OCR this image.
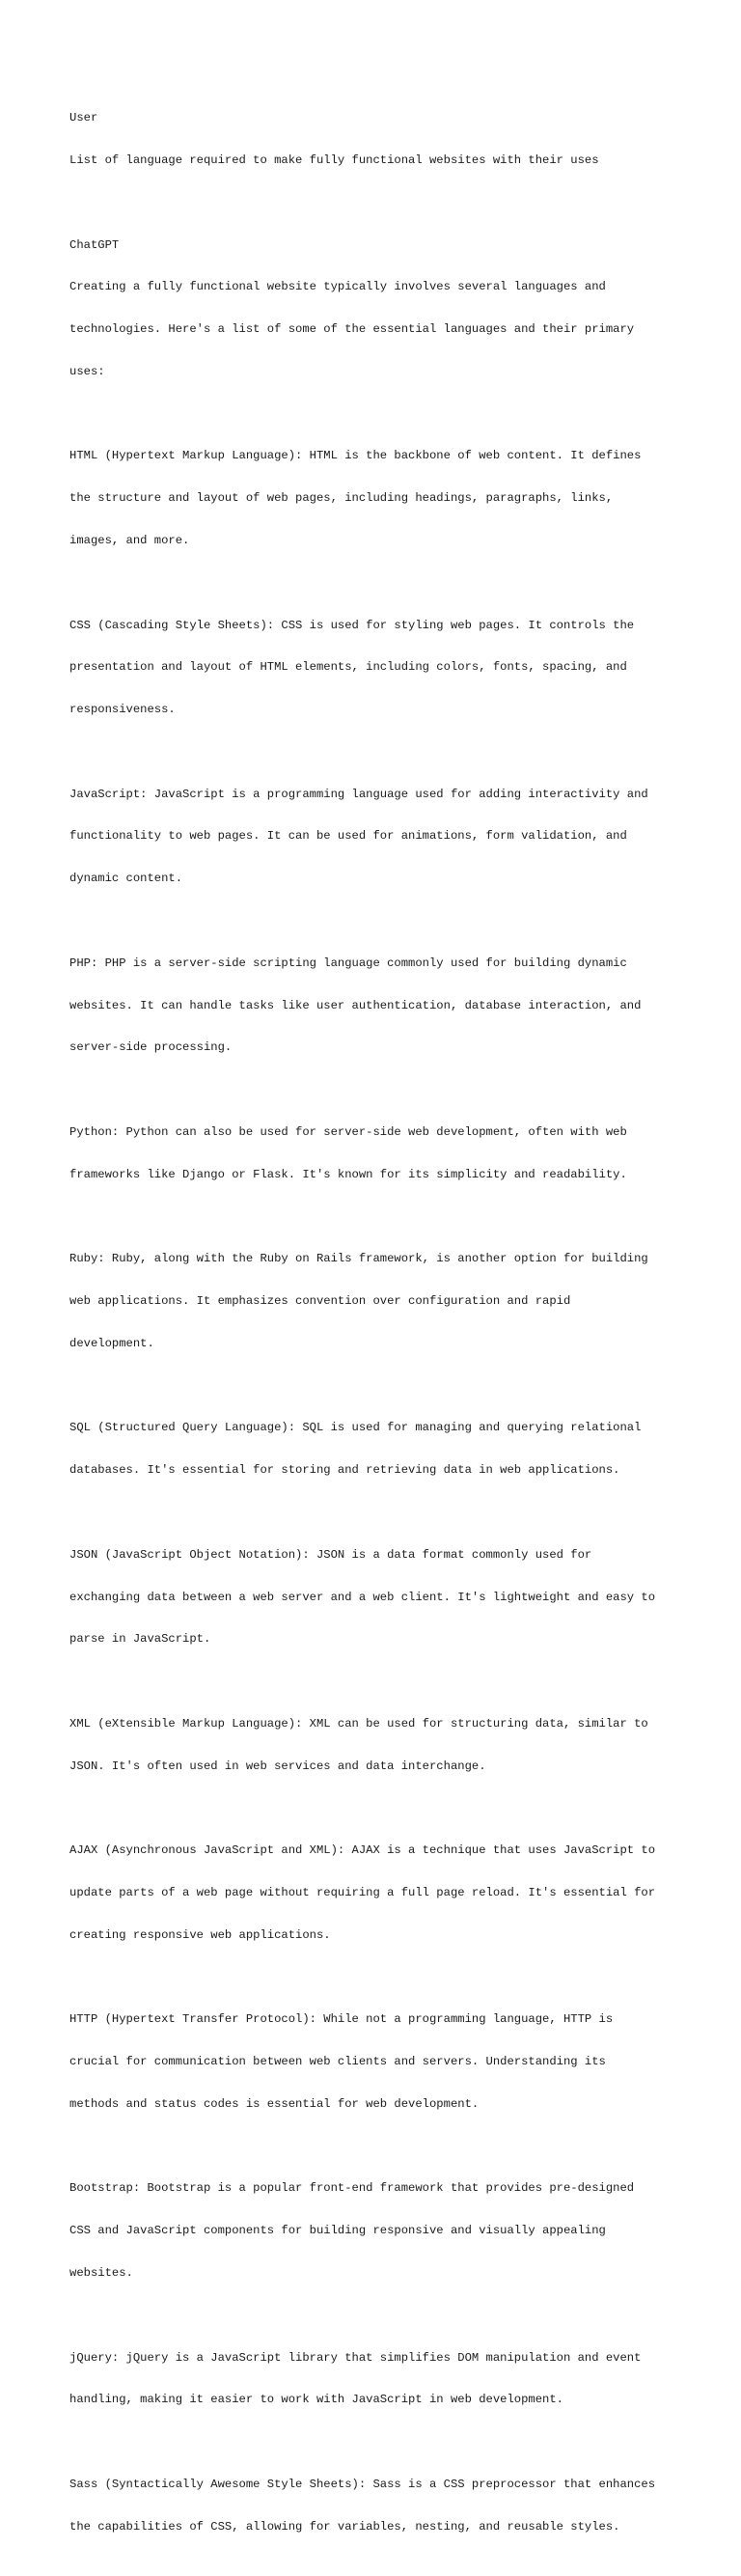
User

List of language required to make fully functional websites with their uses

ChatGPT

Creating a fully functional website typically involves several languages and

technologies. Here's a list of some of the essential languages and their primary

uses:

HTML (Hypertext Markup Language): HTML is the backbone of web content. It defines

the structure and layout of web pages, including headings, paragraphs, links,

images, and more.

CSS (Cascading Style Sheets): CSS is used for styling web pages. It controls the

presentation and layout of HTML elements, including colors, fonts, spacing, and

responsiveness.

JavaScript: JavaScript is a programming language used for adding interactivity and

functionality to web pages. It can be used for animations, form validation, and

dynamic content.

PHP: PHP is a server-side scripting language commonly used for building dynamic

websites. It can handle tasks like user authentication, database interaction, and

server-side processing.

Python: Python can also be used for server-side web development, often with web

frameworks like Django or Flask. It's known for its simplicity and readability.

Ruby: Ruby, along with the Ruby on Rails framework, is another option for building

web applications. It emphasizes convention over configuration and rapid

development.

SQL (Structured Query Language): SQL is used for managing and querying relational

databases. It's essential for storing and retrieving data in web applications.

JSON (JavaScript Object Notation): JSON is a data format commonly used for

exchanging data between a web server and a web client. It's lightweight and easy to

parse in JavaScript.

XML (eXtensible Markup Language): XML can be used for structuring data, similar to

JSON. It's often used in web services and data interchange.

AJAX (Asynchronous JavaScript and XML): AJAX is a technique that uses JavaScript to

update parts of a web page without requiring a full page reload. It's essential for

creating responsive web applications.

HTTP (Hypertext Transfer Protocol): While not a programming language, HTTP is

crucial for communication between web clients and servers. Understanding its

methods and status codes is essential for web development.

Bootstrap: Bootstrap is a popular front-end framework that provides pre-designed

CSS and JavaScript components for building responsive and visually appealing

websites.

jQuery: jQuery is a JavaScript library that simplifies DOM manipulation and event

handling, making it easier to work with JavaScript in web development.

Sass (Syntactically Awesome Style Sheets): Sass is a CSS preprocessor that enhances

the capabilities of CSS, allowing for variables, nesting, and reusable styles.
